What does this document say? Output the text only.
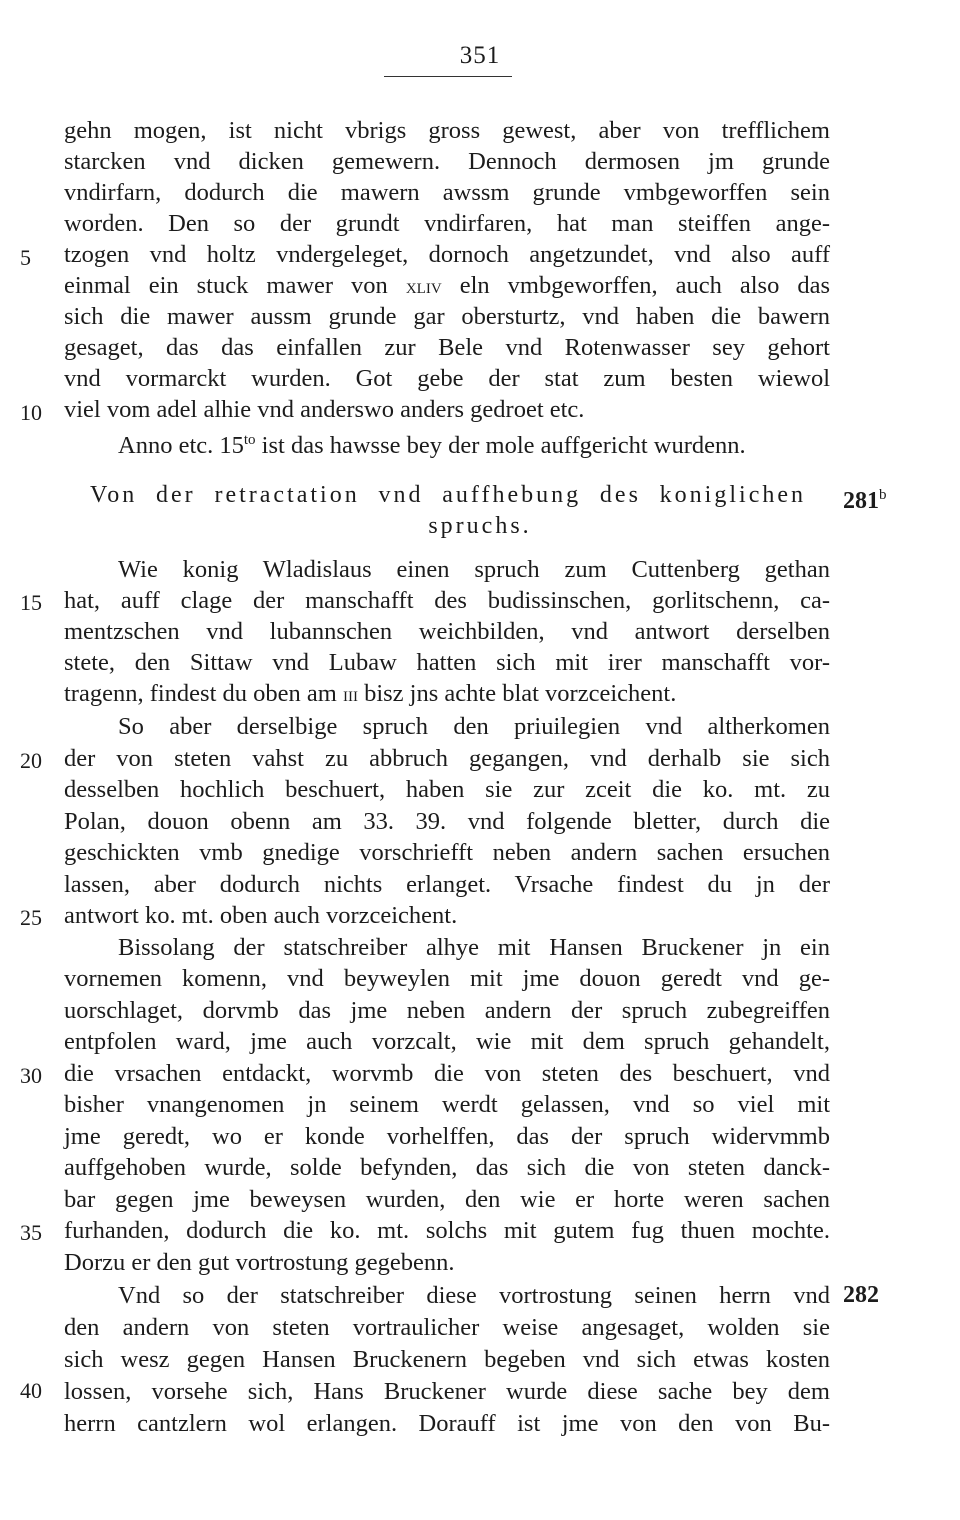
351
5
10
15
20
25
30
35
40
281$^b$
282
gehn mogen, ist nicht vbrigs gross gewest, aber von trefflichem
starcken vnd dicken gemewern. Dennoch dermosen jm grunde
vndirfarn, dodurch die mawern awssm grunde vmbgeworffen sein
worden. Den so der grundt vndirfaren, hat man steiffen ange-
tzogen vnd holtz vndergeleget, dornoch angetzundet, vnd also auff
einmal ein stuck mawer von xliv eln vmbgeworffen, auch also das
sich die mawer aussm grunde gar obersturtz, vnd haben die bawern
gesaget, das das einfallen zur Bele vnd Rotenwasser sey gehort
vnd vormarckt wurden. Got gebe der stat zum besten wiewol
viel vom adel alhie vnd anderswo anders gedroet etc.
Anno etc. $15^{to}$ ist das hawsse bey der mole auffgericht wurdenn.
Von der retractation vnd auffhebung des koniglichen
spruchs.
Wie konig Wladislaus einen spruch zum Cuttenberg gethan
hat, auff clage der manschafft des budissinschen, gorlitschenn, ca-
mentzschen vnd lubannschen weichbilden, vnd antwort derselben
stete, den Sittaw vnd Lubaw hatten sich mit irer manschafft vor-
tragenn, findest du oben am iii bisz jns achte blat vorzceichent.
So aber derselbige spruch den priuilegien vnd altherkomen
der von steten vahst zu abbruch gegangen, vnd derhalb sie sich
desselben hochlich beschuert, haben sie zur zceit die ko. mt. zu
Polan, douon obenn am 33. 39. vnd folgende bletter, durch die
geschickten vmb gnedige vorschriefft neben andern sachen ersuchen
lassen, aber dodurch nichts erlanget. Vrsache findest du jn der
antwort ko. mt. oben auch vorzceichent.
Bissolang der statschreiber alhye mit Hansen Bruckener jn ein
vornemen komenn, vnd beyweylen mit jme douon geredt vnd ge-
uorschlaget, dorvmb das jme neben andern der spruch zubegreiffen
entpfolen ward, jme auch vorzcalt, wie mit dem spruch gehandelt,
die vrsachen entdackt, worvmb die von steten des beschuert, vnd
bisher vnangenomen jn seinem werdt gelassen, vnd so viel mit
jme geredt, wo er konde vorhelffen, das der spruch widervmmb
auffgehoben wurde, solde befynden, das sich die von steten danck-
bar gegen jme beweysen wurden, den wie er horte weren sachen
furhanden, dodurch die ko. mt. solchs mit gutem fug thuen mochte.
Dorzu er den gut vortrostung gegebenn.
Vnd so der statschreiber diese vortrostung seinen herrn vnd
den andern von steten vortraulicher weise angesaget, wolden sie
sich wesz gegen Hansen Bruckenern begeben vnd sich etwas kosten
lossen, vorsehe sich, Hans Bruckener wurde diese sache bey dem
herrn cantzlern wol erlangen. Dorauff ist jme von den von Bu-
